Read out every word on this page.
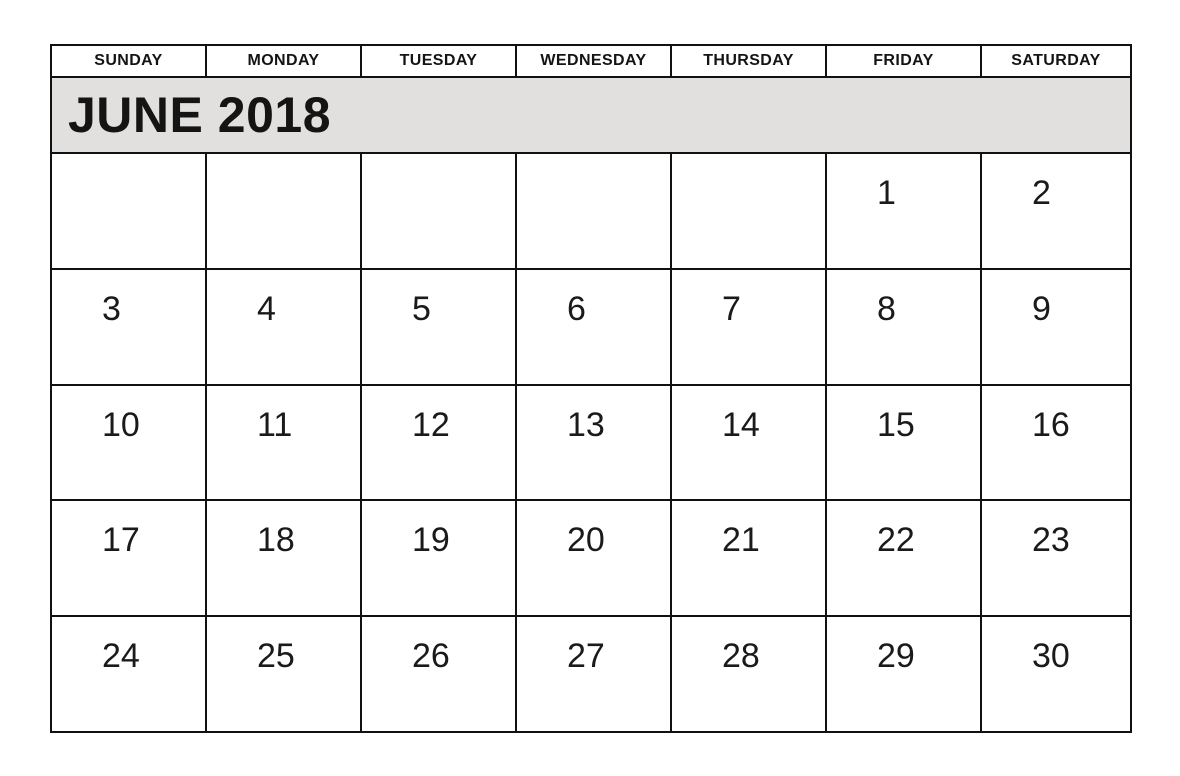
SUNDAY	MONDAY	TUESDAY	WEDNESDAY	THURSDAY	FRIDAY	SATURDAY
JUNE 2018						

					1	2

3	4	5	6	7	8	9

10	11	12	13	14	15	16

17	18	19	20	21	22	23

24	25	26	27	28	29	30
